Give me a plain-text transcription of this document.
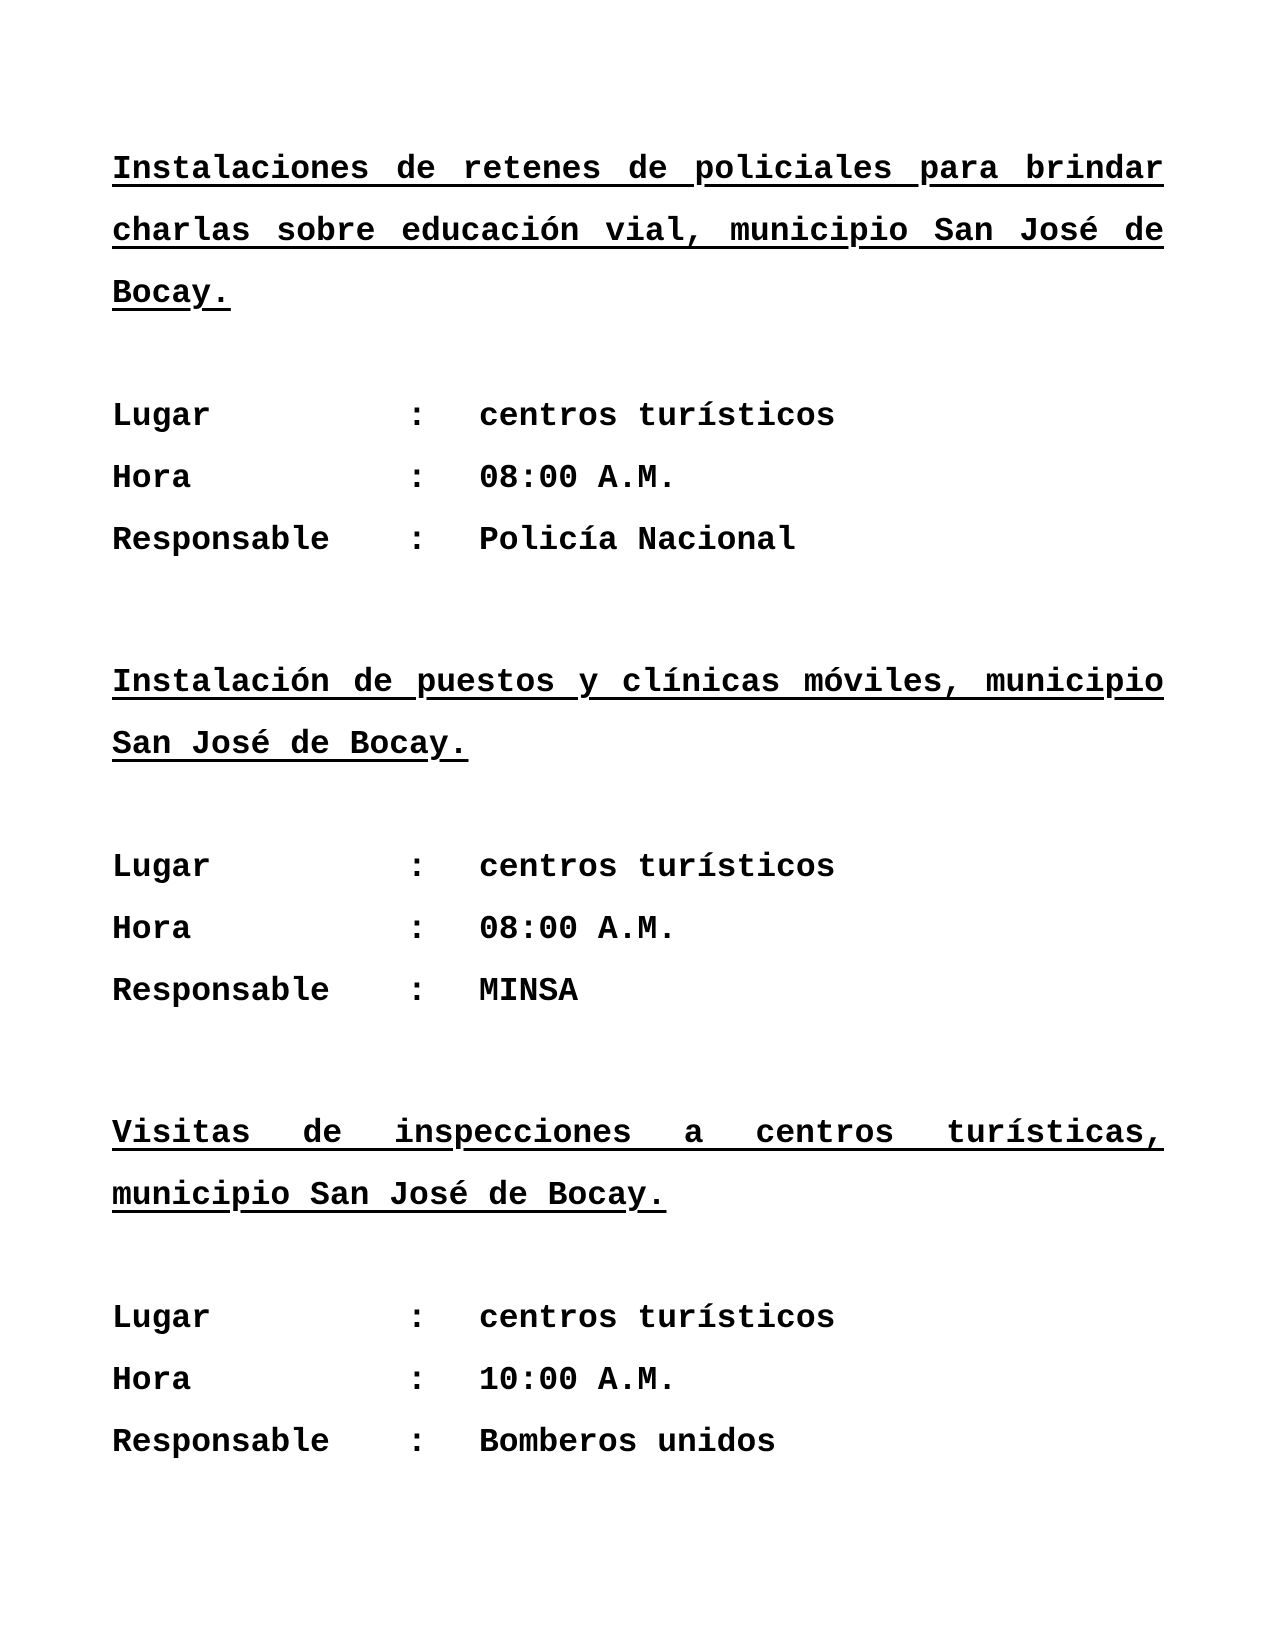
Instalaciones de retenes de policiales para brindar charlas sobre educación vial, municipio San José de Bocay.

Lugar	:	centros turísticos
Hora	:	08:00 A.M.
Responsable	:	Policía Nacional

Instalación de puestos y clínicas móviles, municipio San José de Bocay.

Lugar	:	centros turísticos
Hora	:	08:00 A.M.
Responsable	:	MINSA

Visitas de inspecciones a centros turísticas, municipio San José de Bocay.

Lugar	:	centros turísticos
Hora	:	10:00 A.M.
Responsable	:	Bomberos unidos
